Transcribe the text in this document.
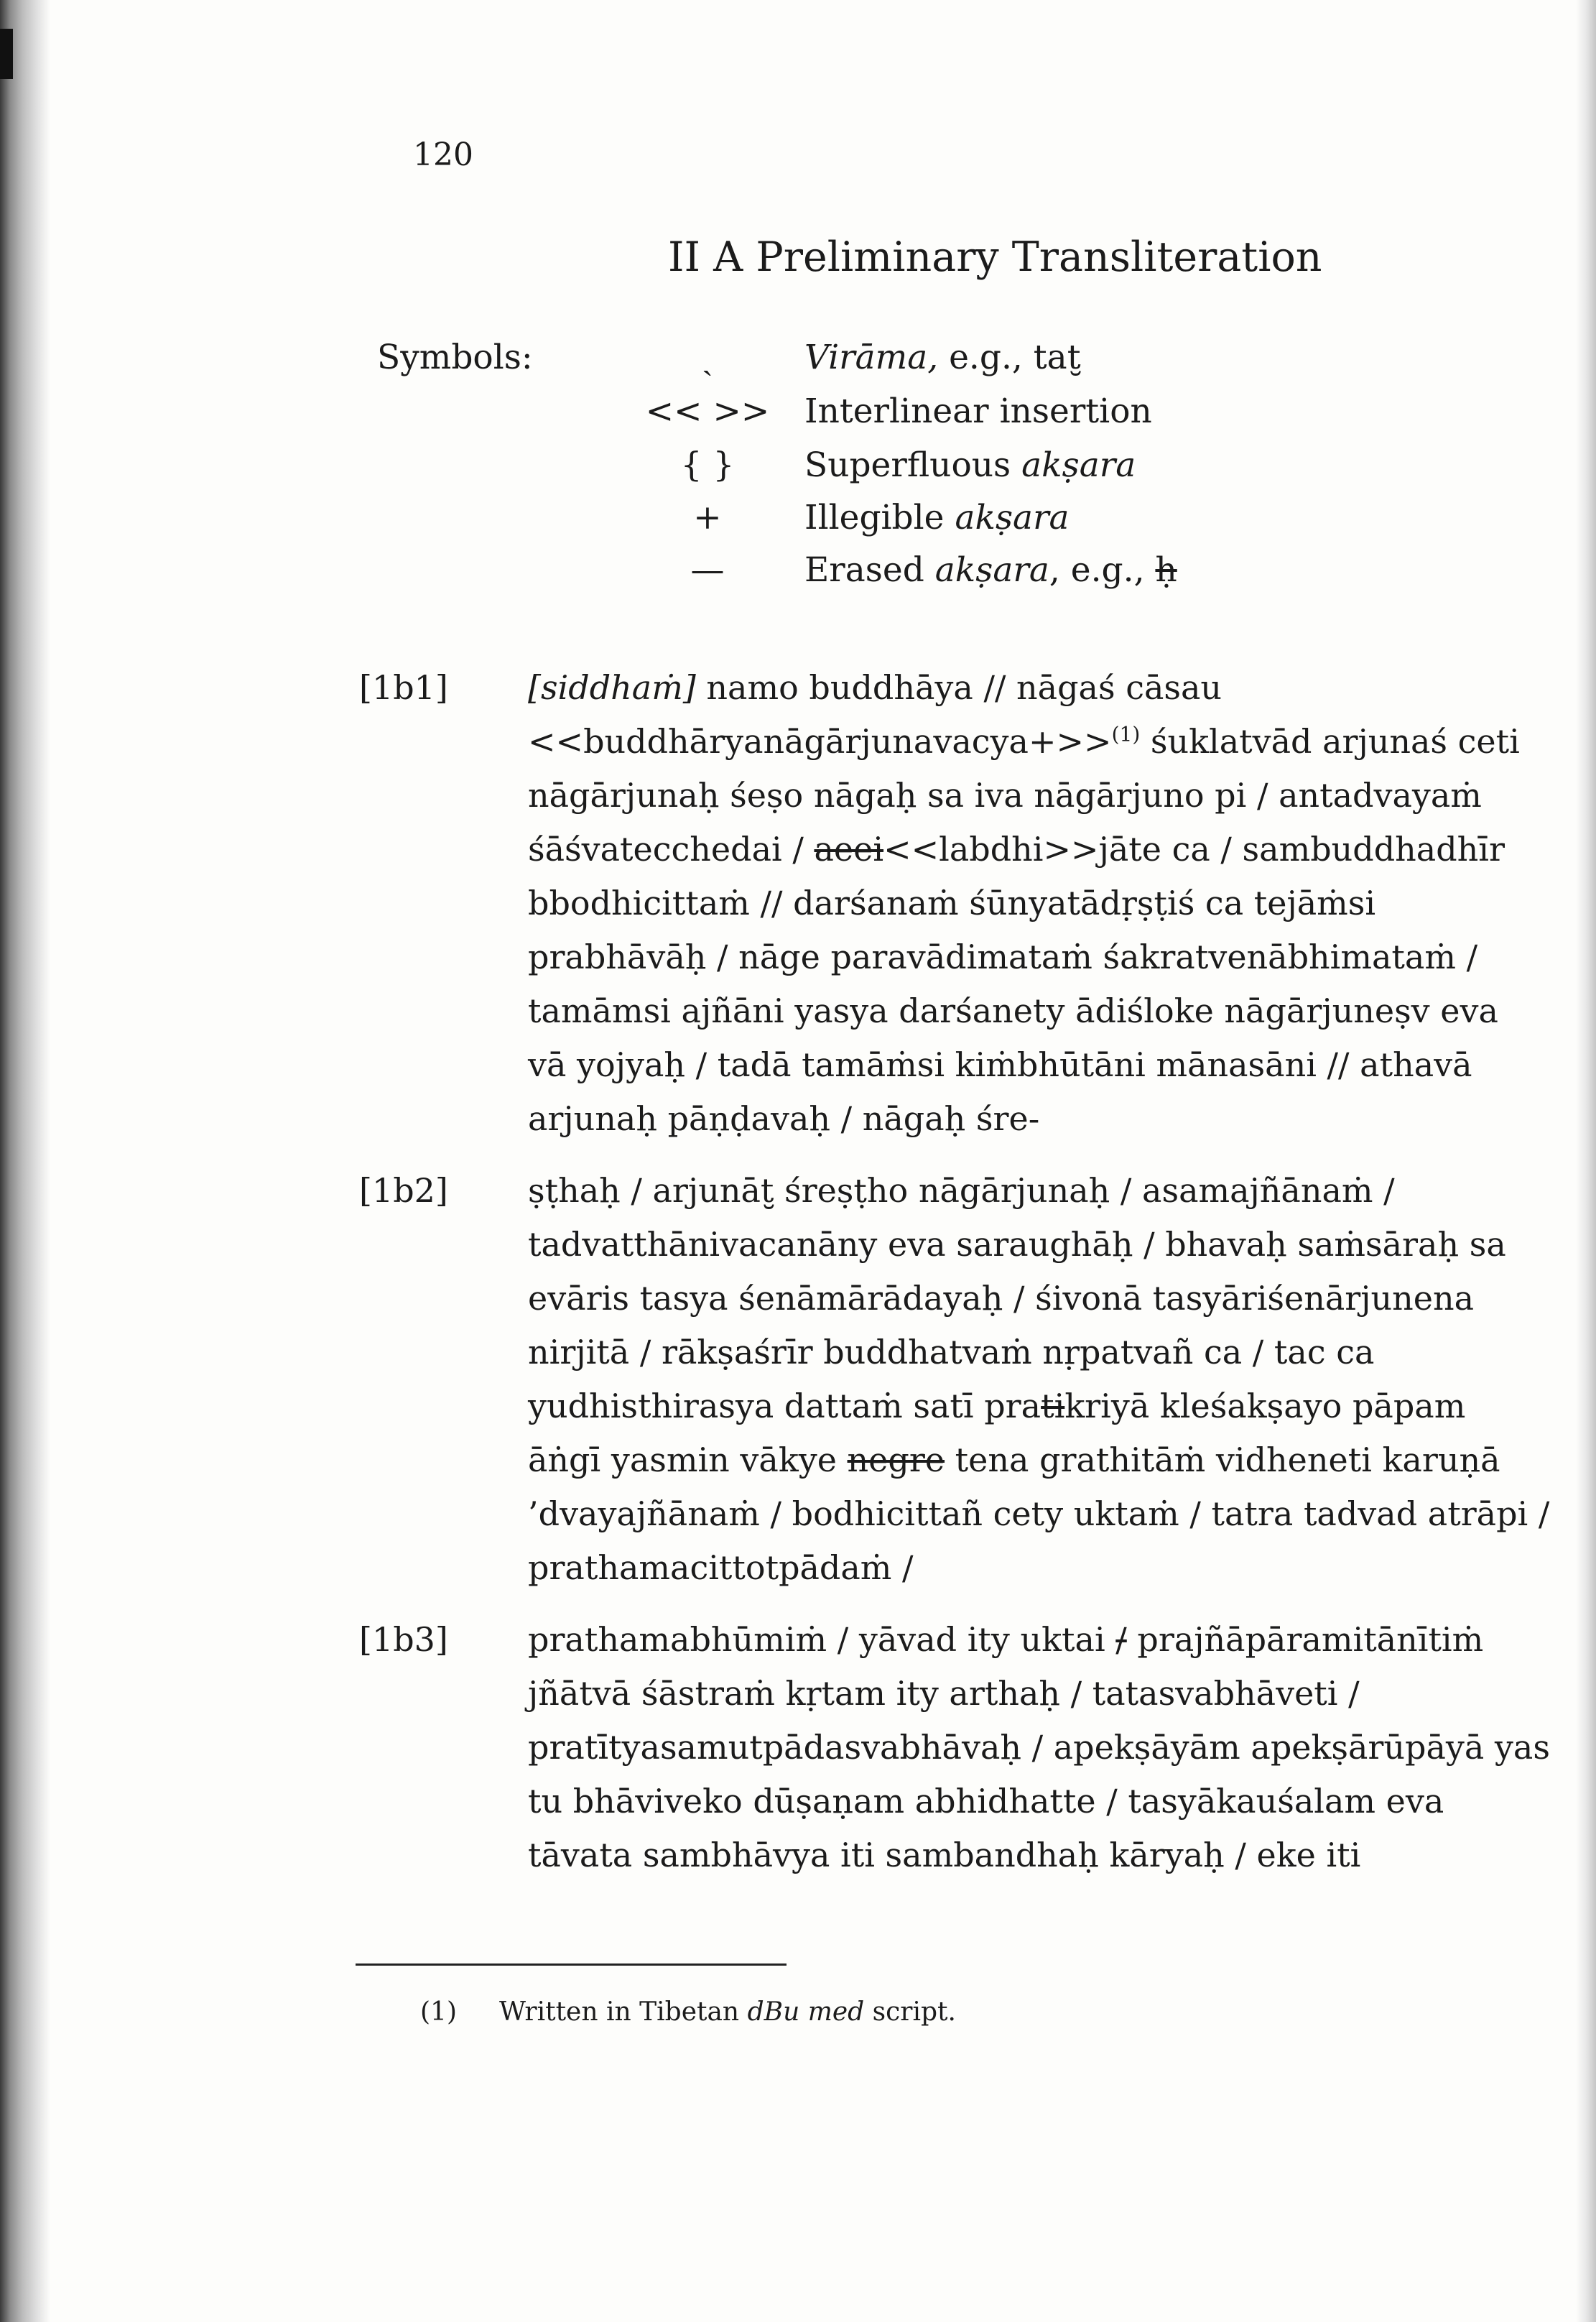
120
II A Preliminary Transliteration
Symbols:	ˏ	Virāma, e.g., tat̮
<< >>	Interlinear insertion
{ }	Superfluous akṣara
+	Illegible akṣara
—	Erased akṣara, e.g., ḥ
[1b1] [siddhaṁ] namo buddhāya // nāgaś cāsau
<<buddhāryanāgārjunavacya+>>$^{(1)}$ śuklatvād arjunaś ceti
nāgārjunaḥ śeṣo nāgaḥ sa iva nāgārjuno pi / antadvayaṁ
śāśvatecchedai / aeei<<labdhi>>jāte ca / sambuddhadhīr
bbodhicittaṁ // darśanaṁ śūnyatādṛṣṭiś ca tejāṁsi
prabhāvāḥ / nāge paravādimataṁ śakratvenābhimataṁ /
tamāmsi ajñāni yasya darśanety ādiśloke nāgārjuneṣv eva
vā yojyaḥ / tadā tamāṁsi kiṁbhūtāni mānasāni // athavā
arjunaḥ pāṇḍavaḥ / nāgaḥ śre-
[1b2] ṣṭhaḥ / arjunāt̮ śreṣṭho nāgārjunaḥ / asamajñānaṁ /
tadvatthānivacanāny eva saraughāḥ / bhavaḥ saṁsāraḥ sa
evāris tasya śenāmārādayaḥ / śivonā tasyāriśenārjunena
nirjitā / rākṣaśrīr buddhatvaṁ nṛpatvañ ca / tac ca
yudhisthirasya dattaṁ satī pratikriyā kleśakṣayo pāpam
āṅgī yasmin vākye negre tena grathitāṁ vidheneti karuṇā
’dvayajñānaṁ / bodhicittañ cety uktaṁ / tatra tadvad atrāpi /
prathamacittotpādaṁ /
[1b3] prathamabhūmiṁ / yāvad ity uktai / prajñāpāramitānītiṁ
jñātvā śāstraṁ kṛtam ity arthaḥ / tatasvabhāveti /
pratītyasamutpādasvabhāvaḥ / apekṣāyām apekṣārūpāyā yas
tu bhāviveko dūṣaṇam abhidhatte / tasyākauśalam eva
tāvata sambhāvya iti sambandhaḥ kāryaḥ / eke iti
(1) Written in Tibetan dBu med script.
